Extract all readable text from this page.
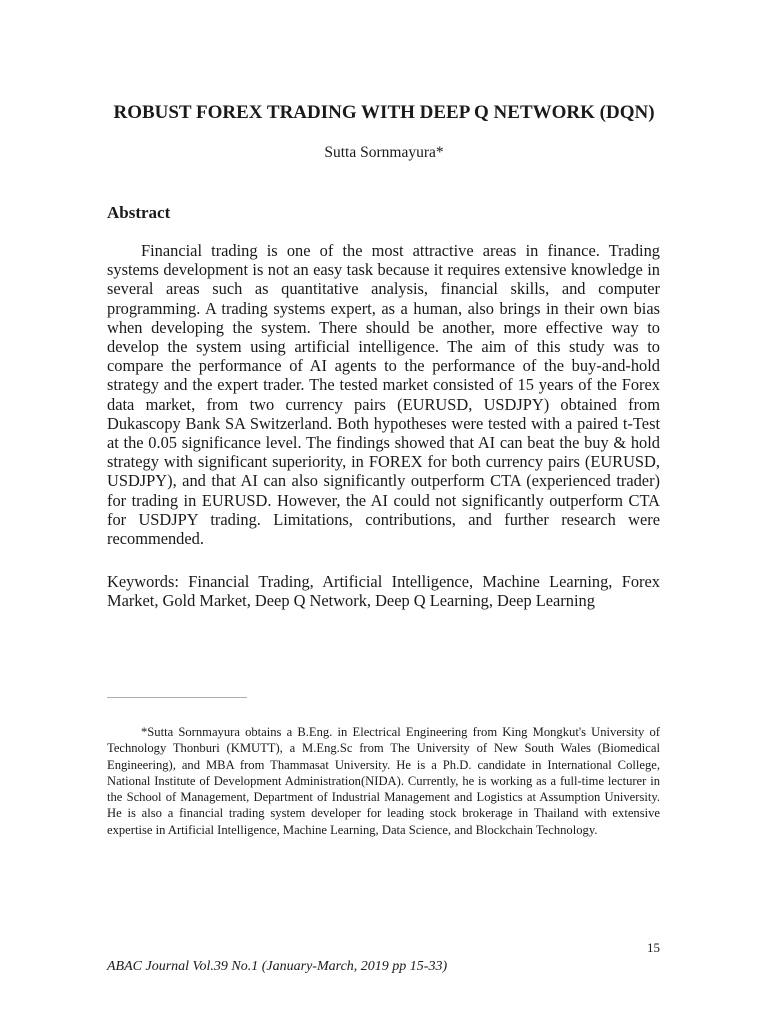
ROBUST FOREX TRADING WITH DEEP Q NETWORK (DQN)

Sutta Sornmayura*

Abstract

Financial trading is one of the most attractive areas in finance. Trading systems development is not an easy task because it requires extensive knowledge in several areas such as quantitative analysis, financial skills, and computer programming. A trading systems expert, as a human, also brings in their own bias when developing the system. There should be another, more effective way to develop the system using artificial intelligence. The aim of this study was to compare the performance of AI agents to the performance of the buy-and-hold strategy and the expert trader. The tested market consisted of 15 years of the Forex data market, from two currency pairs (EURUSD, USDJPY) obtained from Dukascopy Bank SA Switzerland. Both hypotheses were tested with a paired t-Test at the 0.05 significance level. The findings showed that AI can beat the buy & hold strategy with significant superiority, in FOREX for both currency pairs (EURUSD, USDJPY), and that AI can also significantly outperform CTA (experienced trader) for trading in EURUSD. However, the AI could not significantly outperform CTA for USDJPY trading. Limitations, contributions, and further research were recommended.

Keywords: Financial Trading, Artificial Intelligence, Machine Learning, Forex Market, Gold Market, Deep Q Network, Deep Q Learning, Deep Learning

*Sutta Sornmayura obtains a B.Eng. in Electrical Engineering from King Mongkut's University of Technology Thonburi (KMUTT), a M.Eng.Sc from The University of New South Wales (Biomedical Engineering), and MBA from Thammasat University. He is a Ph.D. candidate in International College, National Institute of Development Administration(NIDA). Currently, he is working as a full-time lecturer in the School of Management, Department of Industrial Management and Logistics at Assumption University. He is also a financial trading system developer for leading stock brokerage in Thailand with extensive expertise in Artificial Intelligence, Machine Learning, Data Science, and Blockchain Technology.

15

ABAC Journal Vol.39 No.1 (January-March, 2019 pp 15-33)
